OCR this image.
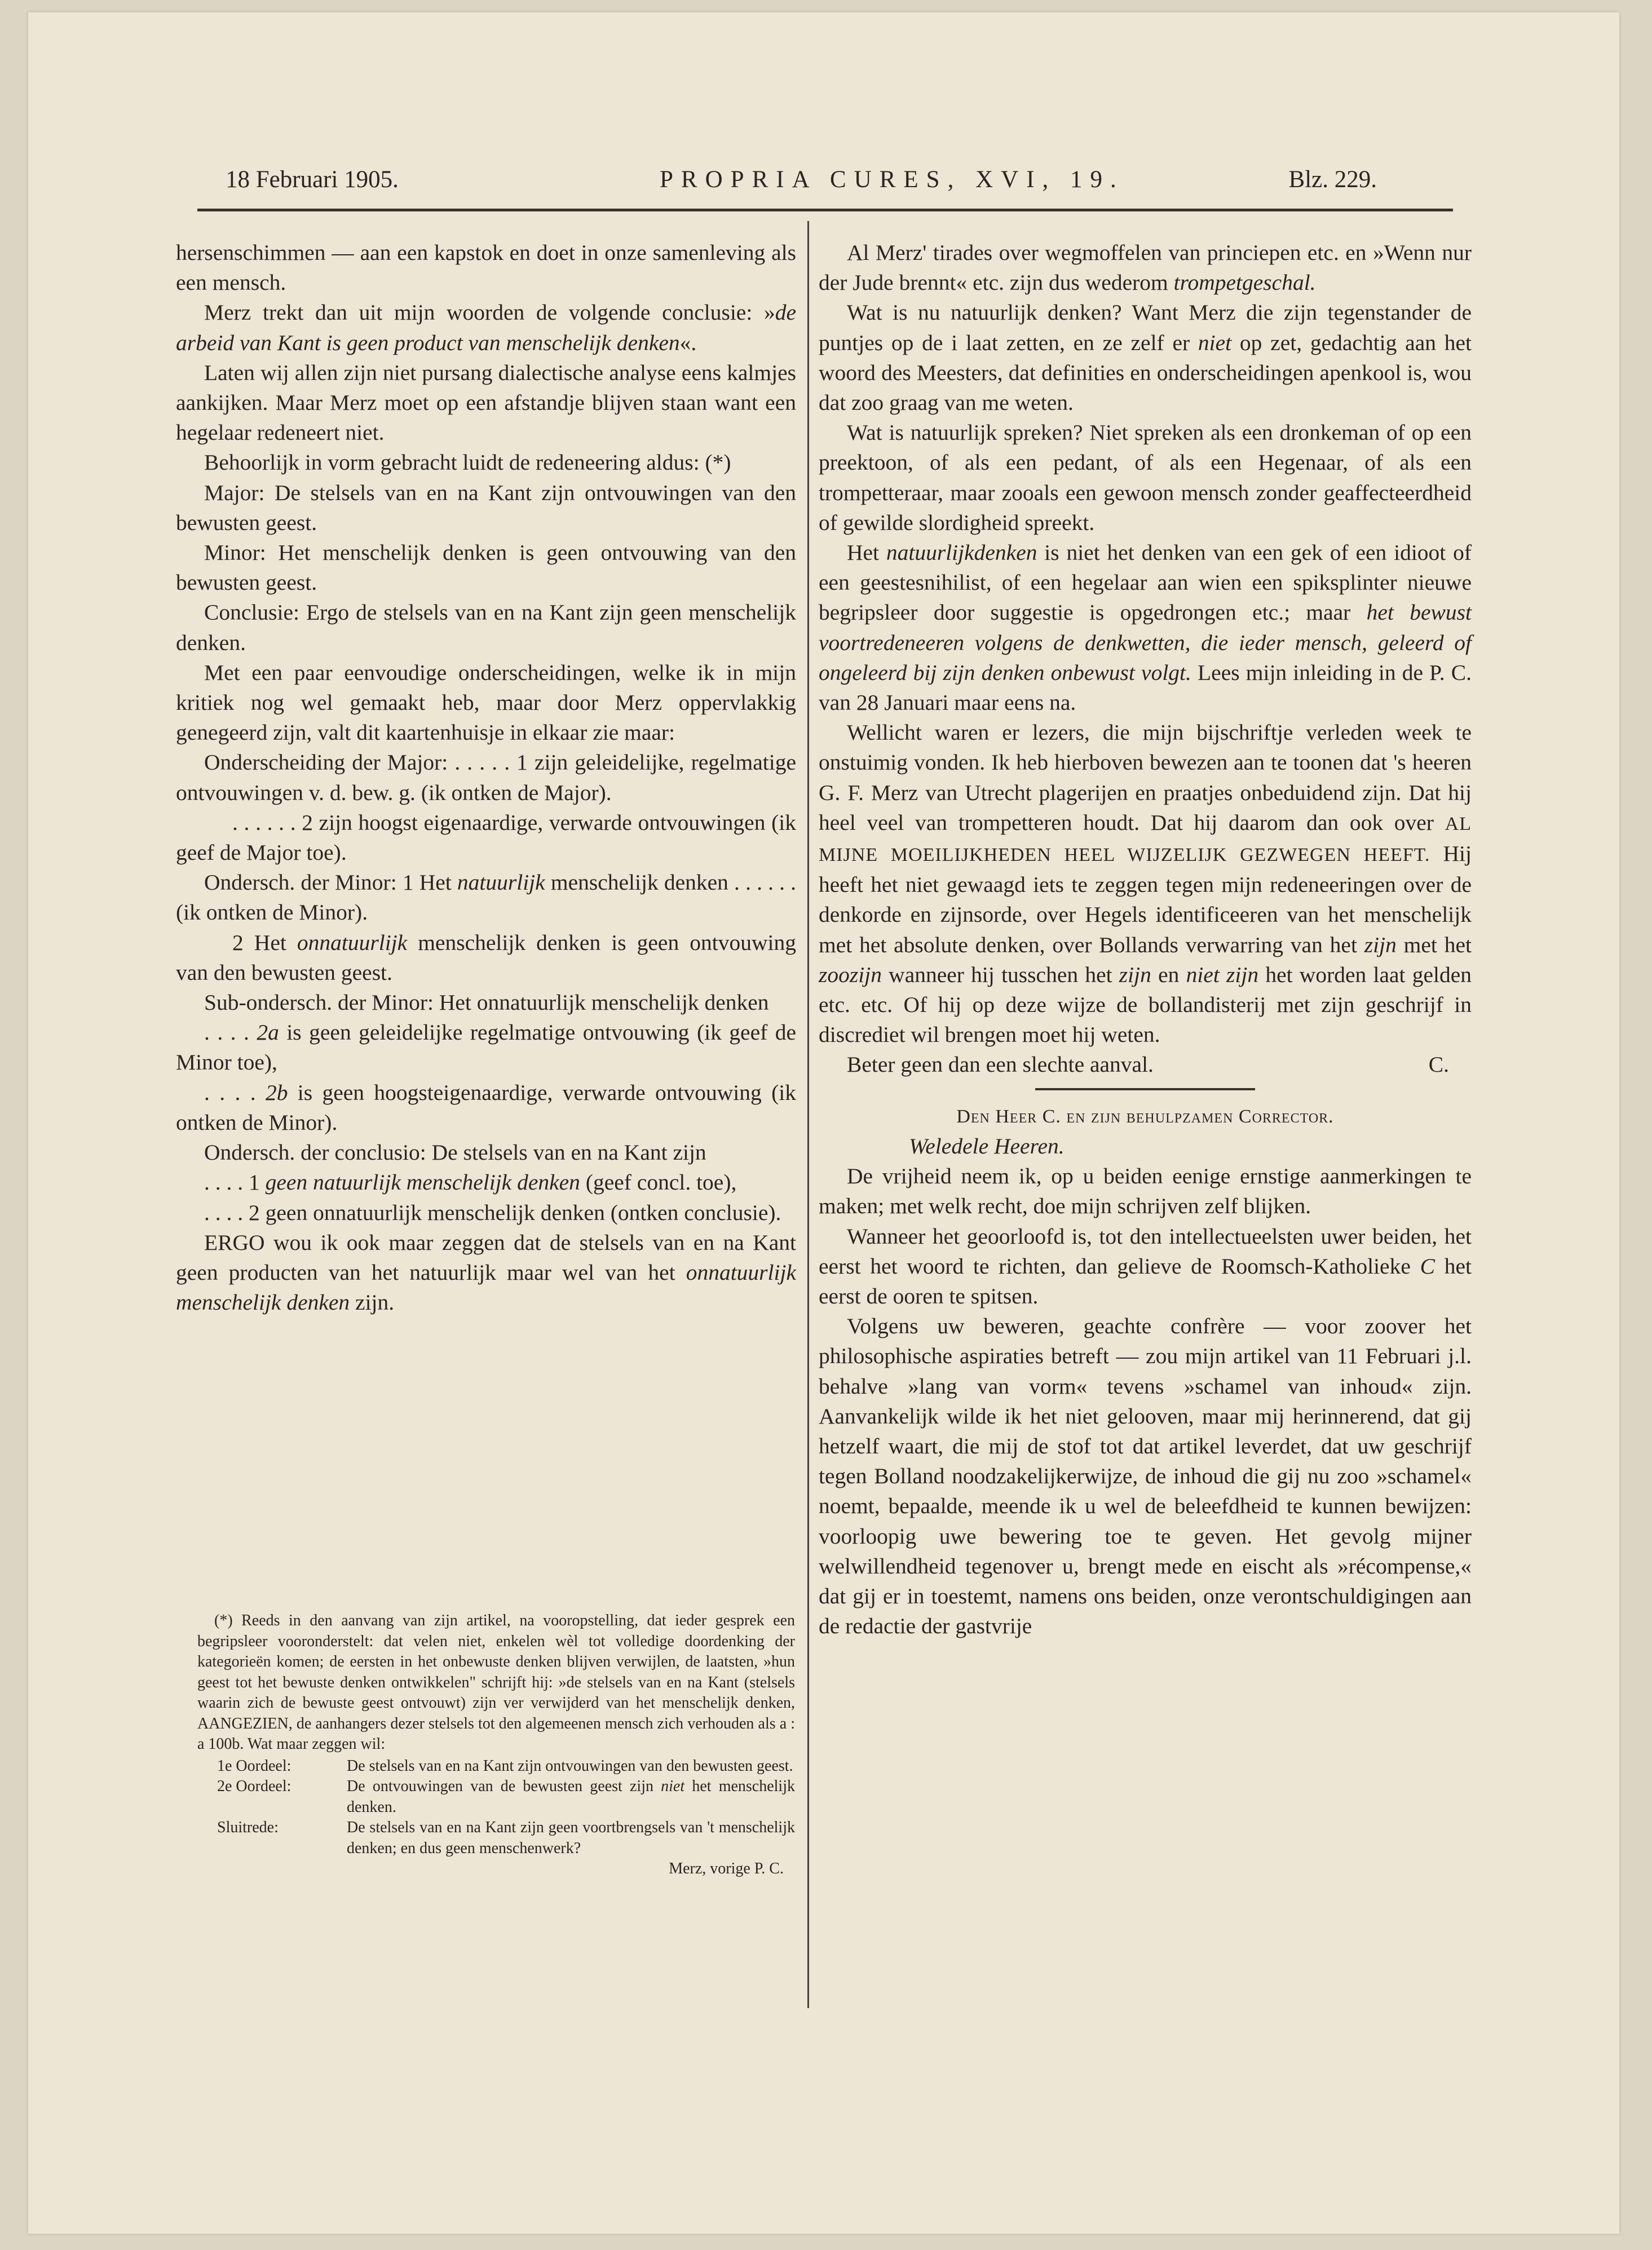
18 Februari 1905.	PROPRIA CURES, XVI, 19.	Blz. 229.

hersenschimmen — aan een kapstok en doet in onze samenleving als een mensch.

Merz trekt dan uit mijn woorden de volgende conclusie: »de arbeid van Kant is geen product van menschelijk denken«.

Laten wij allen zijn niet pursang dialectische analyse eens kalmjes aankijken. Maar Merz moet op een afstandje blijven staan want een hegelaar redeneert niet.

Behoorlijk in vorm gebracht luidt de redeneering aldus: (*)

Major: De stelsels van en na Kant zijn ontvouwingen van den bewusten geest.

Minor: Het menschelijk denken is geen ontvouwing van den bewusten geest.

Conclusie: Ergo de stelsels van en na Kant zijn geen menschelijk denken.

Met een paar eenvoudige onderscheidingen, welke ik in mijn kritiek nog wel gemaakt heb, maar door Merz oppervlakkig genegeerd zijn, valt dit kaartenhuisje in elkaar zie maar:

Onderscheiding der Major: . . . . . 1 zijn geleidelijke, regelmatige ontvouwingen v. d. bew. g. (ik ontken de Major).

. . . . . . 2 zijn hoogst eigenaardige, verwarde ontvouwingen (ik geef de Major toe).

Ondersch. der Minor: 1 Het natuurlijk menschelijk denken . . . . . . (ik ontken de Minor).

2 Het onnatuurlijk menschelijk denken is geen ontvouwing van den bewusten geest.

Sub-ondersch. der Minor: Het onnatuurlijk menschelijk denken

. . . . 2a is geen geleidelijke regelmatige ontvouwing (ik geef de Minor toe),

. . . . 2b is geen hoogsteigenaardige, verwarde ontvouwing (ik ontken de Minor).

Ondersch. der conclusio: De stelsels van en na Kant zijn

. . . . 1 geen natuurlijk menschelijk denken (geef concl. toe),

. . . . 2 geen onnatuurlijk menschelijk denken (ontken conclusie).

ERGO wou ik ook maar zeggen dat de stelsels van en na Kant geen producten van het natuurlijk maar wel van het onnatuurlijk menschelijk denken zijn.

(*) Reeds in den aanvang van zijn artikel, na vooropstelling, dat ieder gesprek een begripsleer vooronderstelt: dat velen niet, enkelen wèl tot volledige doordenking der kategorieën komen; de eersten in het onbewuste denken blijven verwijlen, de laatsten, »hun geest tot het bewuste denken ontwikkelen" schrijft hij: »de stelsels van en na Kant (stelsels waarin zich de bewuste geest ontvouwt) zijn ver verwijderd van het menschelijk denken, AANGEZIEN, de aanhangers dezer stelsels tot den algemeenen mensch zich verhouden als a : a 100b. Wat maar zeggen wil:

1e Oordeel:	De stelsels van en na Kant zijn ontvouwingen van den bewusten geest.
2e Oordeel:	De ontvouwingen van de bewusten geest zijn niet het menschelijk denken.
Sluitrede:	De stelsels van en na Kant zijn geen voortbrengsels van 't menschelijk denken; en dus geen menschenwerk?
Merz, vorige P. C.

Al Merz' tirades over wegmoffelen van princiepen etc. en »Wenn nur der Jude brennt« etc. zijn dus wederom trompetgeschal.

Wat is nu natuurlijk denken? Want Merz die zijn tegenstander de puntjes op de i laat zetten, en ze zelf er niet op zet, gedachtig aan het woord des Meesters, dat definities en onderscheidingen apenkool is, wou dat zoo graag van me weten.

Wat is natuurlijk spreken? Niet spreken als een dronkeman of op een preektoon, of als een pedant, of als een Hegenaar, of als een trompetteraar, maar zooals een gewoon mensch zonder geaffecteerdheid of gewilde slordigheid spreekt.

Het natuurlijkdenken is niet het denken van een gek of een idioot of een geestesnihilist, of een hegelaar aan wien een spiksplinter nieuwe begripsleer door suggestie is opgedrongen etc.; maar het bewust voortredeneeren volgens de denkwetten, die ieder mensch, geleerd of ongeleerd bij zijn denken onbewust volgt. Lees mijn inleiding in de P. C. van 28 Januari maar eens na.

Wellicht waren er lezers, die mijn bijschriftje verleden week te onstuimig vonden. Ik heb hierboven bewezen aan te toonen dat 's heeren G. F. Merz van Utrecht plagerijen en praatjes onbeduidend zijn. Dat hij heel veel van trompetteren houdt. Dat hij daarom dan ook over AL MIJNE MOEILIJKHEDEN HEEL WIJZELIJK GEZWEGEN HEEFT. Hij heeft het niet gewaagd iets te zeggen tegen mijn redeneeringen over de denkorde en zijnsorde, over Hegels identificeeren van het menschelijk met het absolute denken, over Bollands verwarring van het zijn met het zoozijn wanneer hij tusschen het zijn en niet zijn het worden laat gelden etc. etc. Of hij op deze wijze de bollandisterij met zijn geschrijf in discrediet wil brengen moet hij weten.

Beter geen dan een slechte aanval.	C.

Den Heer C. en zijn behulpzamen Corrector.

Weledele Heeren.

De vrijheid neem ik, op u beiden eenige ernstige aanmerkingen te maken; met welk recht, doe mijn schrijven zelf blijken.

Wanneer het geoorloofd is, tot den intellectueelsten uwer beiden, het eerst het woord te richten, dan gelieve de Roomsch-Katholieke C het eerst de ooren te spitsen.

Volgens uw beweren, geachte confrère — voor zoover het philosophische aspiraties betreft — zou mijn artikel van 11 Februari j.l. behalve »lang van vorm« tevens »schamel van inhoud« zijn. Aanvankelijk wilde ik het niet gelooven, maar mij herinnerend, dat gij hetzelf waart, die mij de stof tot dat artikel leverdet, dat uw geschrijf tegen Bolland noodzakelijkerwijze, de inhoud die gij nu zoo »schamel« noemt, bepaalde, meende ik u wel de beleefdheid te kunnen bewijzen: voorloopig uwe bewering toe te geven. Het gevolg mijner welwillendheid tegenover u, brengt mede en eischt als »récompense,« dat gij er in toestemt, namens ons beiden, onze verontschuldigingen aan de redactie der gastvrije
